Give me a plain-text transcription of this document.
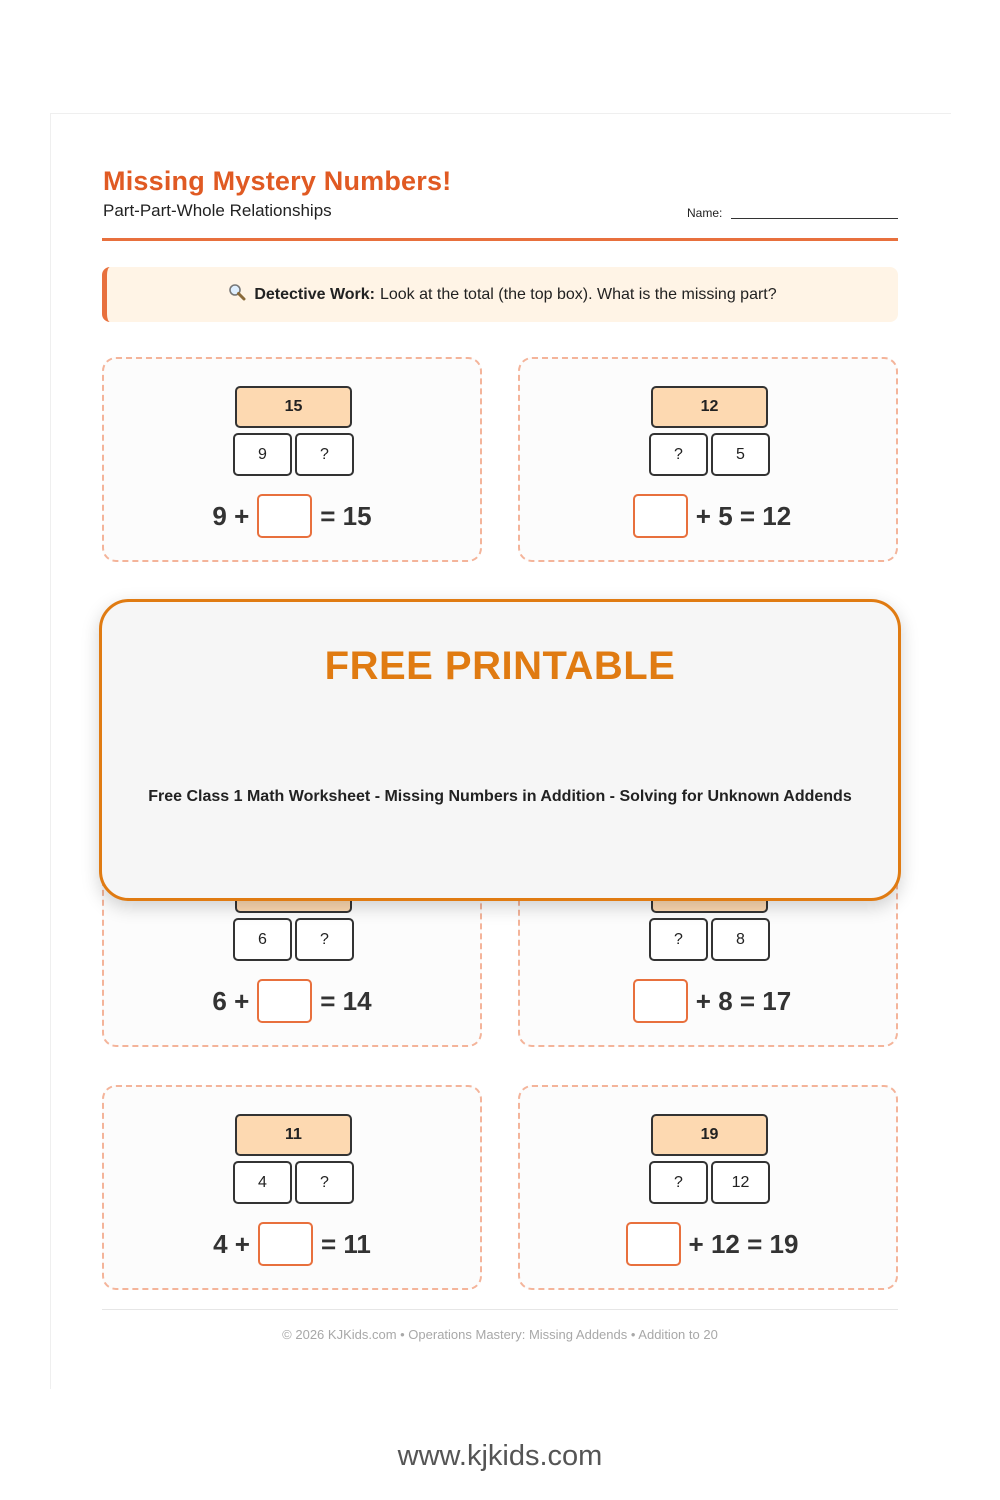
Missing Mystery Numbers!
Part-Part-Whole Relationships	Name:
Detective Work: Look at the total (the top box). What is the missing part?
15
9	?
9 +	= 15
12
?	5
+ 5 = 12
6	?
6 +	= 14
?	8
+ 8 = 17
11
4	?
4 +	= 11
19
?	12
+ 12 = 19
© 2026 KJKids.com • Operations Mastery: Missing Addends • Addition to 20
FREE PRINTABLE
Free Class 1 Math Worksheet - Missing Numbers in Addition - Solving for Unknown Addends
www.kjkids.com
